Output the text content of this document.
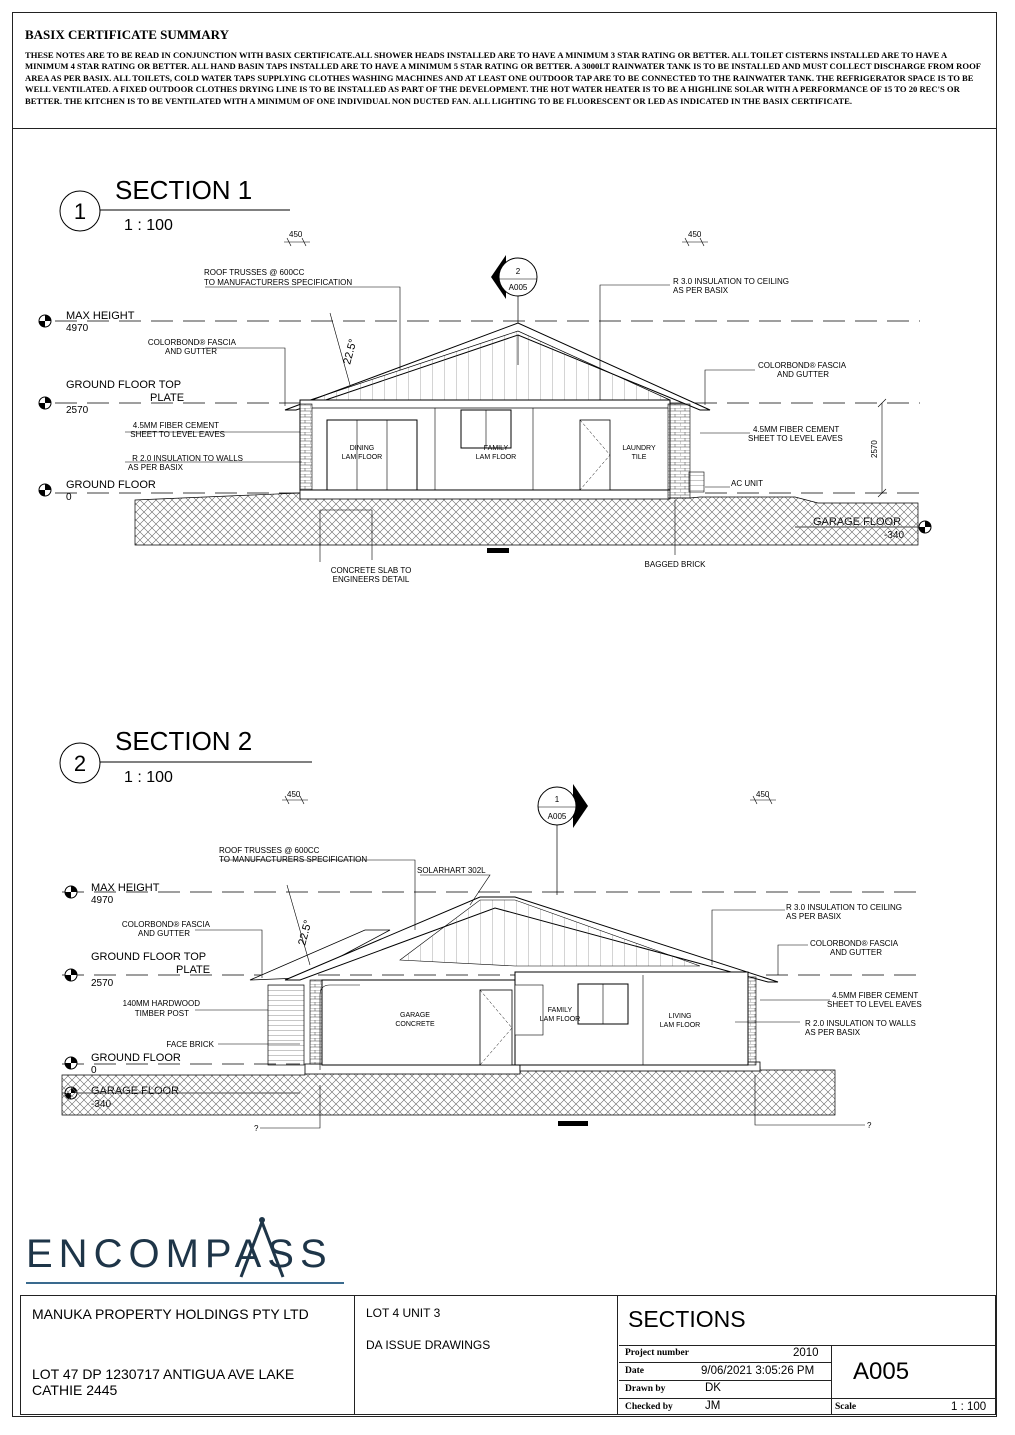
BASIX CERTIFICATE SUMMARY
THESE NOTES ARE TO BE READ IN CONJUNCTION WITH BASIX CERTIFICATE.ALL SHOWER HEADS INSTALLED ARE TO HAVE A MINIMUM 3 STAR RATING OR BETTER. ALL TOILET CISTERNS INSTALLED ARE TO HAVE A MINIMUM 4 STAR RATING OR BETTER. ALL HAND BASIN TAPS INSTALLED ARE TO HAVE A MINIMUM 5 STAR RATING OR BETTER. A 3000LT RAINWATER TANK IS TO BE INSTALLED AND MUST COLLECT DISCHARGE FROM ROOF AREA AS PER BASIX. ALL TOILETS, COLD WATER TAPS SUPPLYING CLOTHES WASHING MACHINES AND AT LEAST ONE OUTDOOR TAP ARE TO BE CONNECTED TO THE RAINWATER TANK. THE REFRIGERATOR SPACE IS TO BE WELL VENTILATED. A FIXED OUTDOOR CLOTHES DRYING LINE IS TO BE INSTALLED AS PART OF THE DEVELOPMENT. THE HOT WATER HEATER IS TO BE A HIGHLINE SOLAR WITH A PERFORMANCE OF 15 TO 20 REC'S OR BETTER. THE KITCHEN IS TO BE VENTILATED WITH A MINIMUM OF ONE INDIVIDUAL NON DUCTED FAN. ALL LIGHTING TO BE FLUORESCENT OR LED AS INDICATED IN THE BASIX CERTIFICATE.
1
SECTION 1
1 : 100
450	450
2
A005
MAX HEIGHT
4970
GROUND FLOOR TOP
PLATE
2570
GROUND FLOOR
0
DINING
LAM FLOOR
FAMILY
LAM FLOOR
LAUNDRY
TILE
22.5°
2570
ROOF TRUSSES @ 600CC
TO MANUFACTURERS SPECIFICATION
COLORBOND® FASCIA
AND GUTTER
4.5MM FIBER CEMENT
SHEET TO LEVEL EAVES
R 2.0 INSULATION TO WALLS
AS PER BASIX
R 3.0 INSULATION TO CEILING
AS PER BASIX
COLORBOND® FASCIA
AND GUTTER
4.5MM FIBER CEMENT
SHEET TO LEVEL EAVES
AC UNIT
CONCRETE SLAB TO
ENGINEERS DETAIL
BAGGED BRICK
2
SECTION 2
1 : 100
450	450
1
A005
MAX HEIGHT
4970
GROUND FLOOR TOP
PLATE
2570
GROUND FLOOR
0
GARAGE
CONCRETE
FAMILY
LAM FLOOR	LIVING
LAM FLOOR
22.5°
ROOF TRUSSES @ 600CC
TO MANUFACTURERS SPECIFICATION
SOLARHART 302L
COLORBOND® FASCIA
AND GUTTER
140MM HARDWOOD
TIMBER POST
FACE BRICK
R 3.0 INSULATION TO CEILING
AS PER BASIX
COLORBOND® FASCIA
AND GUTTER
4.5MM FIBER CEMENT
SHEET TO LEVEL EAVES
R 2.0 INSULATION TO WALLS
AS PER BASIX
?	?
ENCOMPASS
MANUKA PROPERTY HOLDINGS PTY LTD
LOT 47 DP 1230717 ANTIGUA AVE LAKE CATHIE 2445
LOT 4 UNIT 3
DA ISSUE DRAWINGS
SECTIONS
Project number	2010
Date	9/06/2021 3:05:26 PM
Drawn by	DK
Checked by	JM	Scale	1 : 100
A005
